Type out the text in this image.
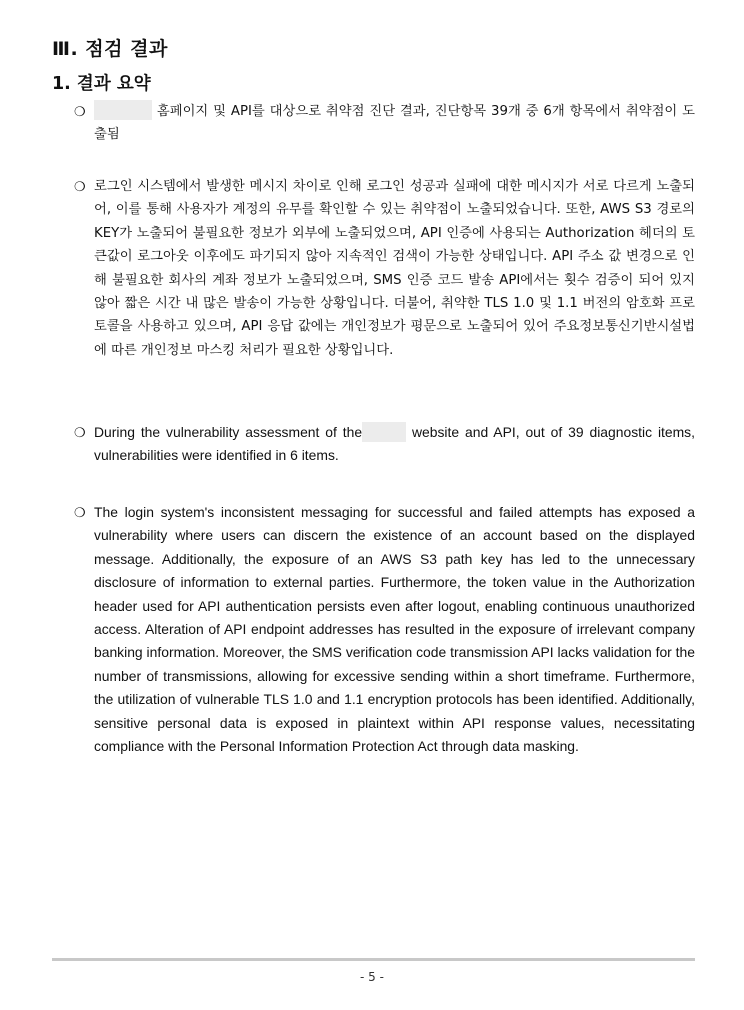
Ⅲ. 점검 결과
1. 결과 요약
❍	홈페이지 및 API를 대상으로 취약점 진단 결과, 진단항목 39개 중 6개 항목에서 취약점이 도출됨
❍ 로그인 시스템에서 발생한 메시지 차이로 인해 로그인 성공과 실패에 대한 메시지가 서로 다르게 노출되어, 이를 통해 사용자가 계정의 유무를 확인할 수 있는 취약점이 노출되었습니다. 또한, AWS S3 경로의 KEY가 노출되어 불필요한 정보가 외부에 노출되었으며, API 인증에 사용되는 Authorization 헤더의 토큰값이 로그아웃 이후에도 파기되지 않아 지속적인 검색이 가능한 상태입니다. API 주소 값 변경으로 인해 불필요한 회사의 계좌 정보가 노출되었으며, SMS 인증 코드 발송 API에서는 횟수 검증이 되어 있지 않아 짧은 시간 내 많은 발송이 가능한 상황입니다. 더불어, 취약한 TLS 1.0 및 1.1 버전의 암호화 프로토콜을 사용하고 있으며, API 응답 값에는 개인정보가 평문으로 노출되어 있어 주요정보통신기반시설법에 따른 개인정보 마스킹 처리가 필요한 상황입니다.
❍ During the vulnerability assessment of the	website and API, out of 39 diagnostic items, vulnerabilities were identified in 6 items.
❍ The login system's inconsistent messaging for successful and failed attempts has exposed a vulnerability where users can discern the existence of an account based on the displayed message. Additionally, the exposure of an AWS S3 path key has led to the unnecessary disclosure of information to external parties. Furthermore, the token value in the Authorization header used for API authentication persists even after logout, enabling continuous unauthorized access. Alteration of API endpoint addresses has resulted in the exposure of irrelevant company banking information. Moreover, the SMS verification code transmission API lacks validation for the number of transmissions, allowing for excessive sending within a short timeframe. Furthermore, the utilization of vulnerable TLS 1.0 and 1.1 encryption protocols has been identified. Additionally, sensitive personal data is exposed in plaintext within API response values, necessitating compliance with the Personal Information Protection Act through data masking.
- 5 -
